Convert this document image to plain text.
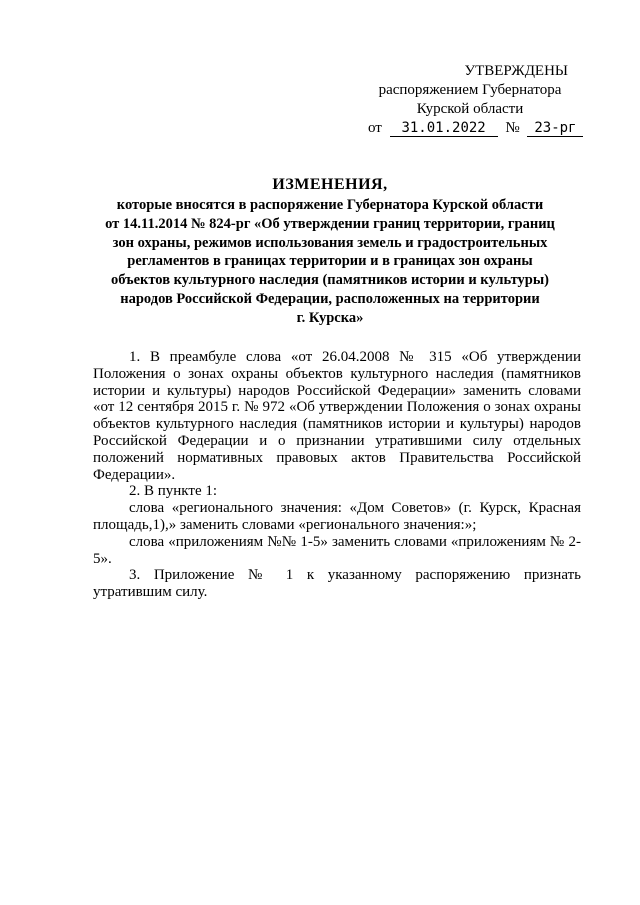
УТВЕРЖДЕНЫ
распоряжением Губернатора
Курской области
от 31.01.2022 № 23-рг
ИЗМЕНЕНИЯ,
которые вносятся в распоряжение Губернатора Курской области
от 14.11.2014 № 824-рг «Об утверждении границ территории, границ
зон охраны, режимов использования земель и градостроительных
регламентов в границах территории и в границах зон охраны
объектов культурного наследия (памятников истории и культуры)
народов Российской Федерации, расположенных на территории
г. Курска»

1. В преамбуле слова «от 26.04.2008 № 315 «Об утверждении Положения о зонах охраны объектов культурного наследия (памятников истории и культуры) народов Российской Федерации» заменить словами «от 12 сентября 2015 г. № 972 «Об утверждении Положения о зонах охраны объектов культурного наследия (памятников истории и культуры) народов Российской Федерации и о признании утратившими силу отдельных положений нормативных правовых актов Правительства Российской Федерации».

2. В пункте 1:

слова «регионального значения: «Дом Советов» (г. Курск, Красная площадь,1),» заменить словами «регионального значения:»;

слова «приложениям №№ 1-5» заменить словами «приложениям № 2-5».

3. Приложение № 1 к указанному распоряжению признать утратившим силу.
